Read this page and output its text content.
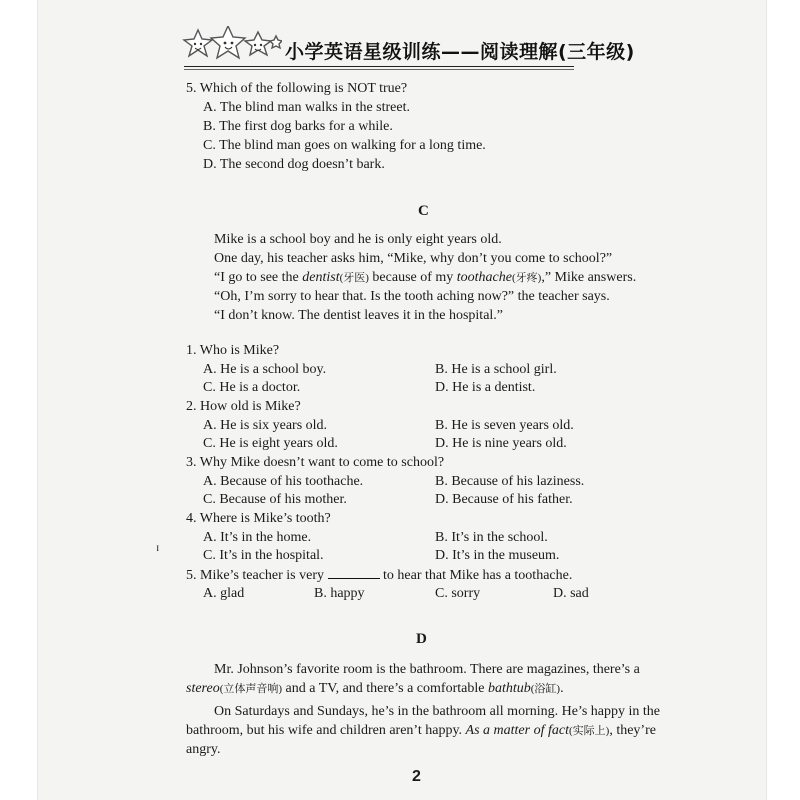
小学英语星级训练——阅读理解(三年级)
5. Which of the following is NOT true?
A. The blind man walks in the street.
B. The first dog barks for a while.
C. The blind man goes on walking for a long time.
D. The second dog doesn’t bark.
C
Mike is a school boy and he is only eight years old.
One day, his teacher asks him, “Mike, why don’t you come to school?”
“I go to see the dentist(牙医) because of my toothache(牙疼),” Mike answers.
“Oh, I’m sorry to hear that. Is the tooth aching now?” the teacher says.
“I don’t know. The dentist leaves it in the hospital.”
1. Who is Mike?
A. He is a school boy.	B. He is a school girl.
C. He is a doctor.	D. He is a dentist.
2. How old is Mike?
A. He is six years old.	B. He is seven years old.
C. He is eight years old.	D. He is nine years old.
3. Why Mike doesn’t want to come to school?
A. Because of his toothache.	B. Because of his laziness.
C. Because of his mother.	D. Because of his father.
4. Where is Mike’s tooth?
A. It’s in the home.	B. It’s in the school.
C. It’s in the hospital.	D. It’s in the museum.
5. Mike’s teacher is very	to hear that Mike has a toothache.
A. glad	B. happy	C. sorry	D. sad
D
Mr. Johnson’s favorite room is the bathroom. There are magazines, there’s a
stereo(立体声音响) and a TV, and there’s a comfortable bathtub(浴缸).
On Saturdays and Sundays, he’s in the bathroom all morning. He’s happy in the
bathroom, but his wife and children aren’t happy. As a matter of fact(实际上), they’re
angry.
ɪ
2
